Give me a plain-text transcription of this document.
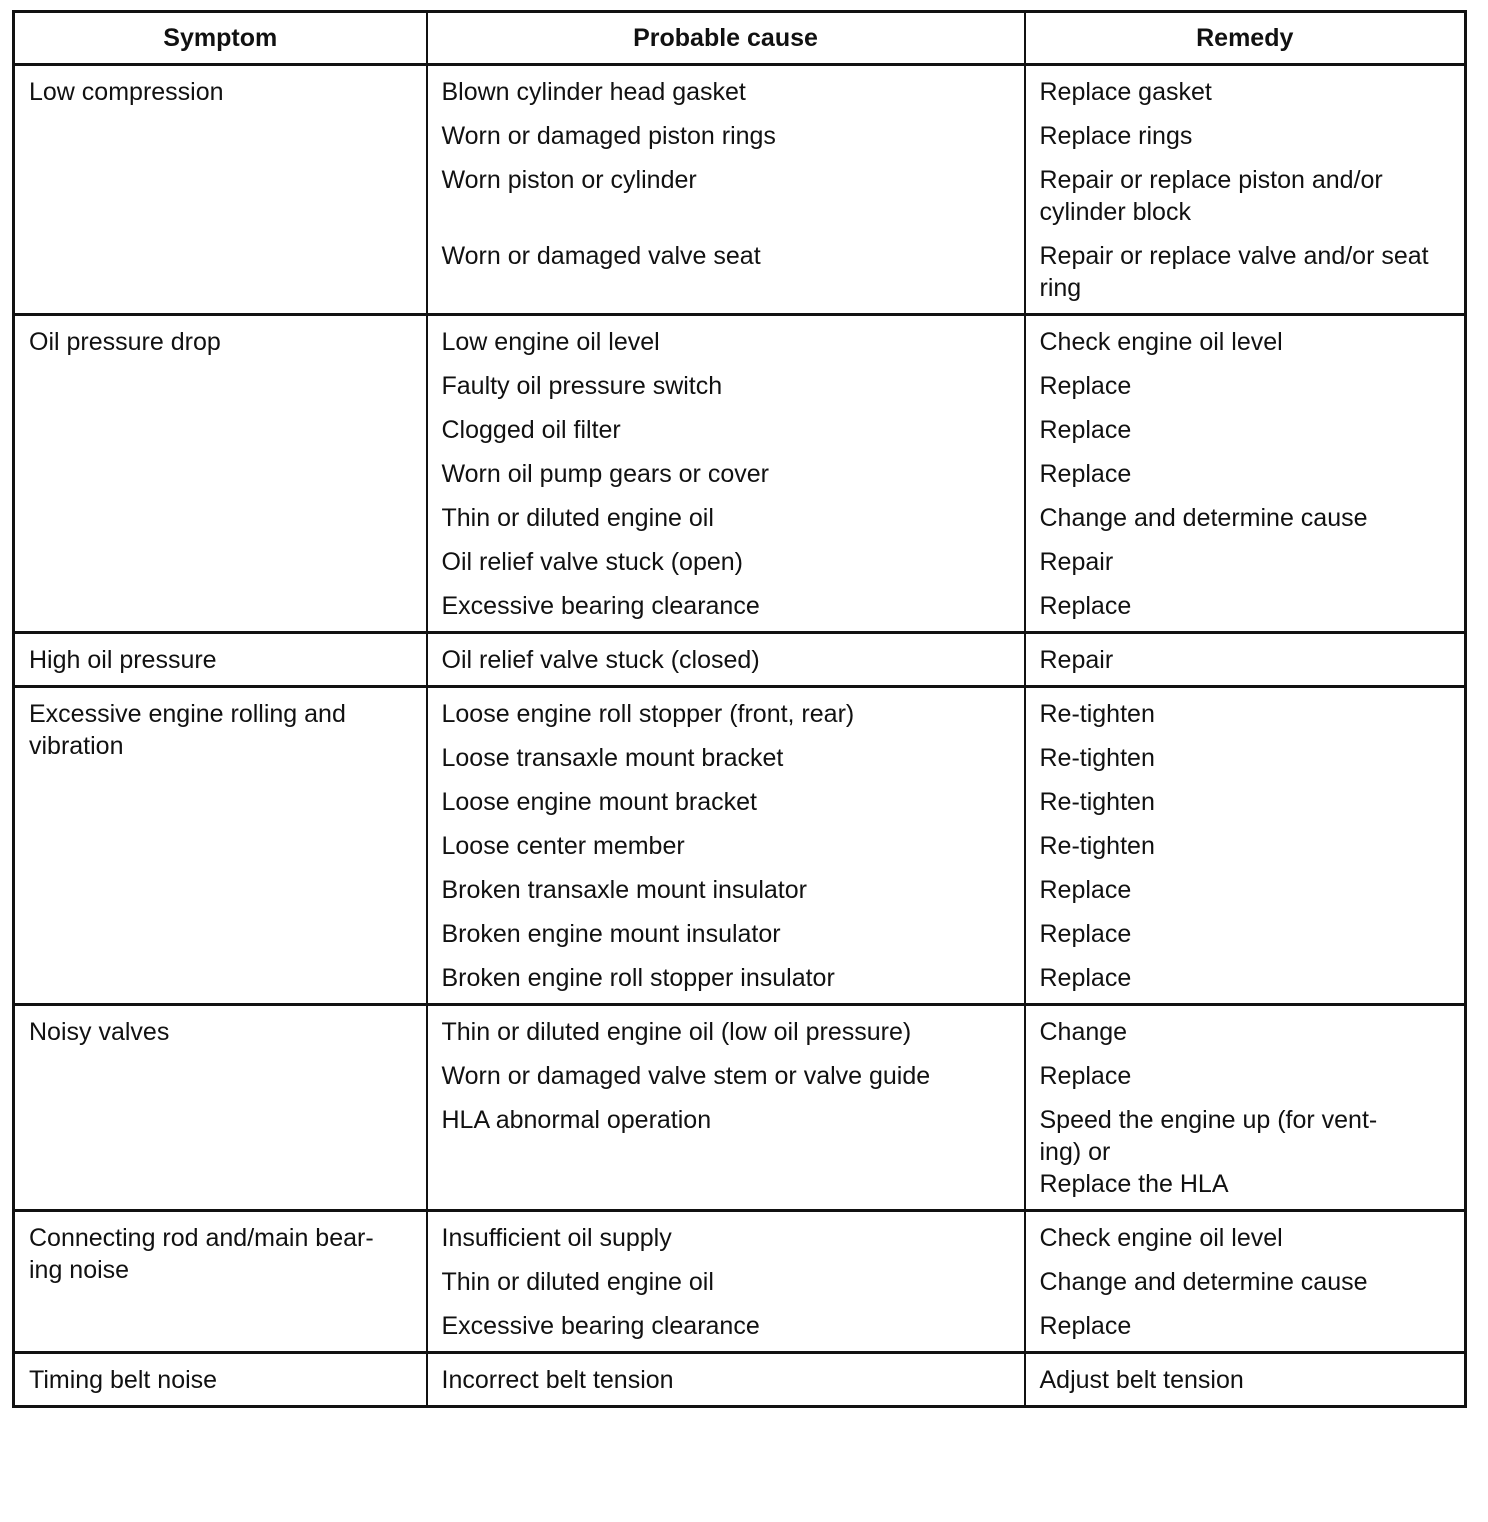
Symptom	Probable cause	Remedy
Low compression	Blown cylinder head gasket	Replace gasket
	Worn or damaged piston rings	Replace rings
	Worn piston or cylinder	Repair or replace piston and/or cylinder block
	Worn or damaged valve seat	Repair or replace valve and/or seat ring
Oil pressure drop	Low engine oil level	Check engine oil level
	Faulty oil pressure switch	Replace
	Clogged oil filter	Replace
	Worn oil pump gears or cover	Replace
	Thin or diluted engine oil	Change and determine cause
	Oil relief valve stuck (open)	Repair
	Excessive bearing clearance	Replace
High oil pressure	Oil relief valve stuck (closed)	Repair
Excessive engine rolling and vibration	Loose engine roll stopper (front, rear)	Re-tighten
	Loose transaxle mount bracket	Re-tighten
	Loose engine mount bracket	Re-tighten
	Loose center member	Re-tighten
	Broken transaxle mount insulator	Replace
	Broken engine mount insulator	Replace
	Broken engine roll stopper insulator	Replace
Noisy valves	Thin or diluted engine oil (low oil pressure)	Change
	Worn or damaged valve stem or valve guide	Replace
	HLA abnormal operation	Speed the engine up (for vent-
ing) or
Replace the HLA
Connecting rod and/main bear-
ing noise	Insufficient oil supply	Check engine oil level
	Thin or diluted engine oil	Change and determine cause
	Excessive bearing clearance	Replace
Timing belt noise	Incorrect belt tension	Adjust belt tension
